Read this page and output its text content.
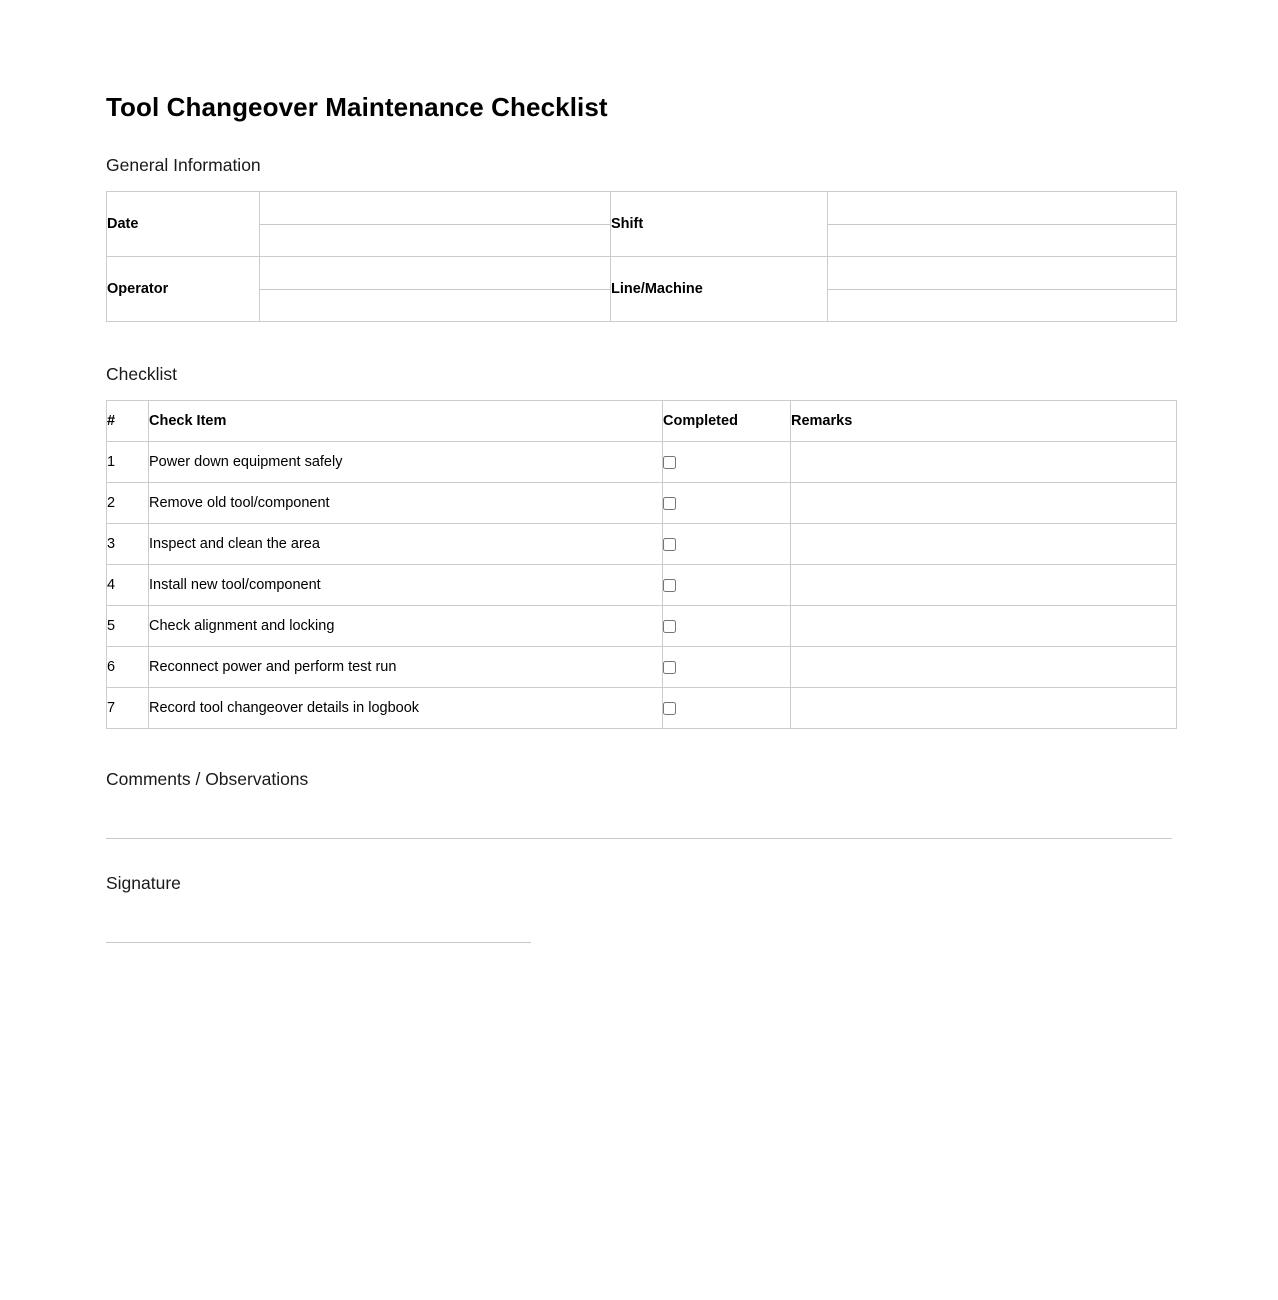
Tool Changeover Maintenance Checklist
General Information
Date		Shift	

Operator		Line/Machine	
Checklist
#	Check Item	Completed	Remarks
1	Power down equipment safely		
2	Remove old tool/component		
3	Inspect and clean the area		
4	Install new tool/component		
5	Check alignment and locking		
6	Reconnect power and perform test run		
7	Record tool changeover details in logbook		
Comments / Observations
Signature
